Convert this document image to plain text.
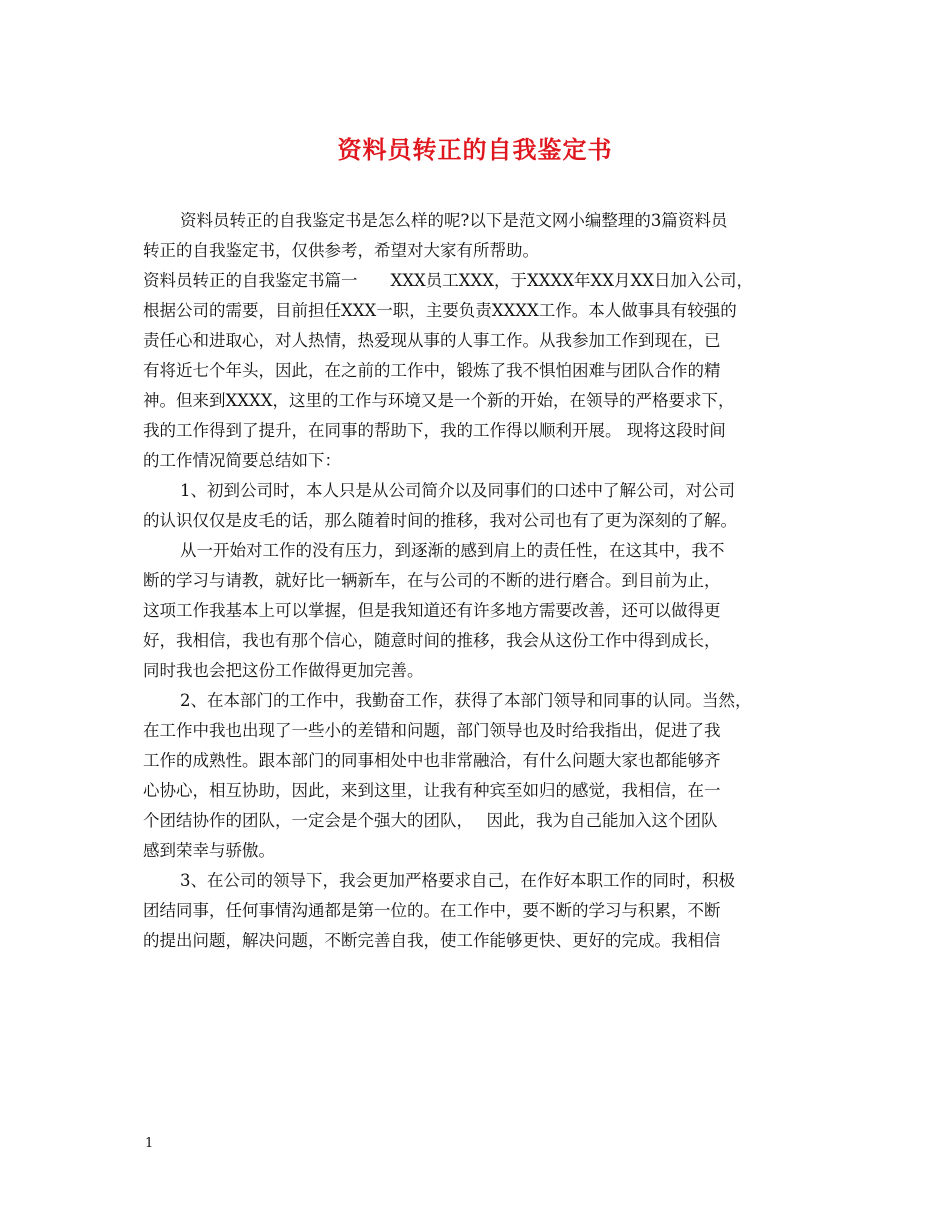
资料员转正的自我鉴定书
资料员转正的自我鉴定书是怎么样的呢?以下是范文网小编整理的3篇资料员
转正的自我鉴定书，仅供参考，希望对大家有所帮助。
资料员转正的自我鉴定书篇一　　XXX员工XXX，于XXXX年XX月XX日加入公司，
根据公司的需要，目前担任XXX一职，主要负责XXXX工作。本人做事具有较强的
责任心和进取心，对人热情，热爱现从事的人事工作。从我参加工作到现在，已
有将近七个年头，因此，在之前的工作中，锻炼了我不惧怕困难与团队合作的精
神。但来到XXXX，这里的工作与环境又是一个新的开始，在领导的严格要求下，
我的工作得到了提升，在同事的帮助下，我的工作得以顺利开展。 现将这段时间
的工作情况简要总结如下：
1、初到公司时，本人只是从公司简介以及同事们的口述中了解公司，对公司
的认识仅仅是皮毛的话，那么随着时间的推移，我对公司也有了更为深刻的了解。
从一开始对工作的没有压力，到逐渐的感到肩上的责任性，在这其中，我不
断的学习与请教，就好比一辆新车，在与公司的不断的进行磨合。到目前为止，
这项工作我基本上可以掌握，但是我知道还有许多地方需要改善，还可以做得更
好，我相信，我也有那个信心，随意时间的推移，我会从这份工作中得到成长，
同时我也会把这份工作做得更加完善。
2、在本部门的工作中，我勤奋工作，获得了本部门领导和同事的认同。当然，
在工作中我也出现了一些小的差错和问题，部门领导也及时给我指出，促进了我
工作的成熟性。跟本部门的同事相处中也非常融洽，有什么问题大家也都能够齐
心协心，相互协助，因此，来到这里，让我有种宾至如归的感觉，我相信，在一
个团结协作的团队，一定会是个强大的团队，　 因此，我为自己能加入这个团队
感到荣幸与骄傲。
3、在公司的领导下，我会更加严格要求自己，在作好本职工作的同时，积极
团结同事，任何事情沟通都是第一位的。在工作中，要不断的学习与积累，不断
的提出问题，解决问题，不断完善自我，使工作能够更快、更好的完成。我相信
1
